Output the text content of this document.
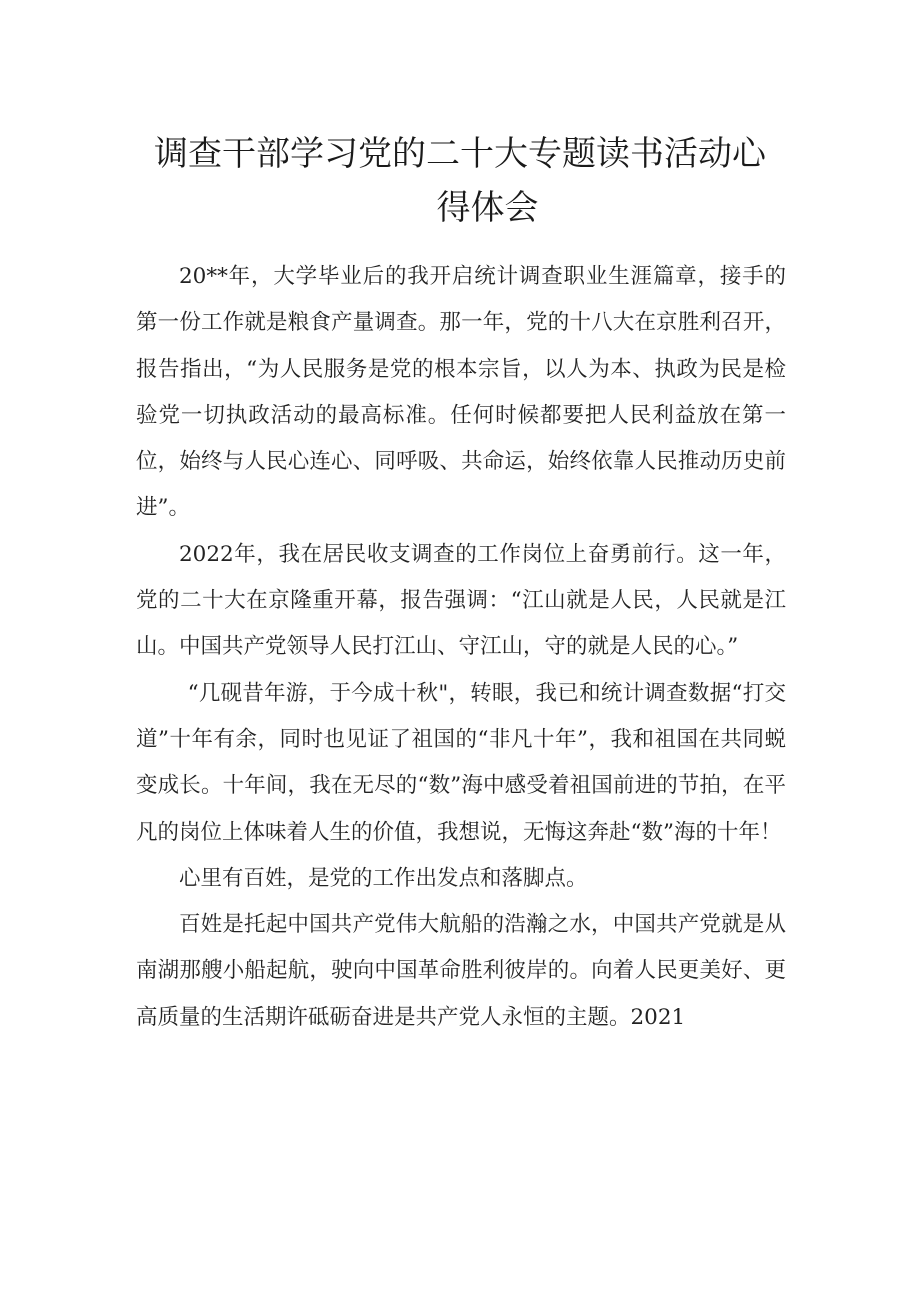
调查干部学习党的二十大专题读书活动心
得体会

20**年，大学毕业后的我开启统计调查职业生涯篇章，接手的第一份工作就是粮食产量调查。那一年，党的十八大在京胜利召开，报告指出，“为人民服务是党的根本宗旨，以人为本、执政为民是检验党一切执政活动的最高标准。任何时候都要把人民利益放在第一位，始终与人民心连心、同呼吸、共命运，始终依靠人民推动历史前进”。

2022年，我在居民收支调查的工作岗位上奋勇前行。这一年，党的二十大在京隆重开幕，报告强调：“江山就是人民，人民就是江山。中国共产党领导人民打江山、守江山，守的就是人民的心。”

“几砚昔年游，于今成十秋"，转眼，我已和统计调查数据“打交道”十年有余，同时也见证了祖国的“非凡十年”，我和祖国在共同蜕变成长。十年间，我在无尽的“数”海中感受着祖国前进的节拍，在平凡的岗位上体味着人生的价值，我想说，无悔这奔赴“数”海的十年！

心里有百姓，是党的工作出发点和落脚点。

百姓是托起中国共产党伟大航船的浩瀚之水，中国共产党就是从南湖那艘小船起航，驶向中国革命胜利彼岸的。向着人民更美好、更高质量的生活期许砥砺奋进是共产党人永恒的主题。2021
